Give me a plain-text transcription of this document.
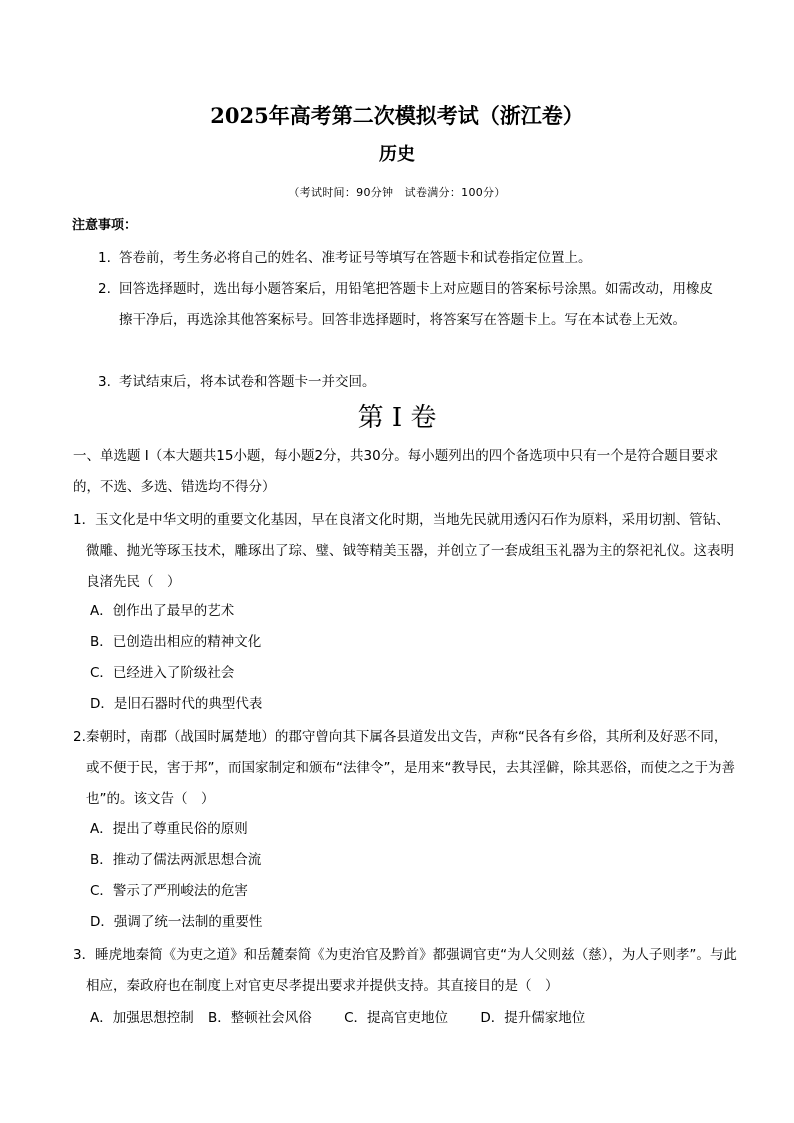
2025年高考第二次模拟考试（浙江卷）
历史
（考试时间：90分钟　试卷满分：100分）
注意事项：
1. 答卷前，考生务必将自己的姓名、准考证号等填写在答题卡和试卷指定位置上。
2. 回答选择题时，选出每小题答案后，用铅笔把答题卡上对应题目的答案标号涂黑。如需改动，用橡皮擦干净后，再选涂其他答案标号。回答非选择题时，将答案写在答题卡上。写在本试卷上无效。
3. 考试结束后，将本试卷和答题卡一并交回。
第 I 卷
一、单选题 I（本大题共15小题，每小题2分，共30分。每小题列出的四个备选项中只有一个是符合题目要求的，不选、多选、错选均不得分）
1．玉文化是中华文明的重要文化基因，早在良渚文化时期，当地先民就用透闪石作为原料，采用切割、管钻、微雕、抛光等琢玉技术，雕琢出了琮、璧、钺等精美玉器，并创立了一套成组玉礼器为主的祭祀礼仪。这表明良渚先民（　）
A．创作出了最早的艺术
B．已创造出相应的精神文化
C．已经进入了阶级社会
D．是旧石器时代的典型代表
2.秦朝时，南郡（战国时属楚地）的郡守曾向其下属各县道发出文告，声称“民各有乡俗，其所利及好恶不同，或不便于民，害于邦”，而国家制定和颁布“法律令”，是用来“教导民，去其淫僻，除其恶俗，而使之之于为善也”的。该文告（　）
A．提出了尊重民俗的原则
B．推动了儒法两派思想合流
C．警示了严刑峻法的危害
D．强调了统一法制的重要性
3．睡虎地秦简《为吏之道》和岳麓秦简《为吏治官及黔首》都强调官吏“为人父则兹（慈），为人子则孝”。与此相应，秦政府也在制度上对官吏尽孝提出要求并提供支持。其直接目的是（　）
A．加强思想控制 B．整顿社会风俗 C．提高官吏地位 D．提升儒家地位
